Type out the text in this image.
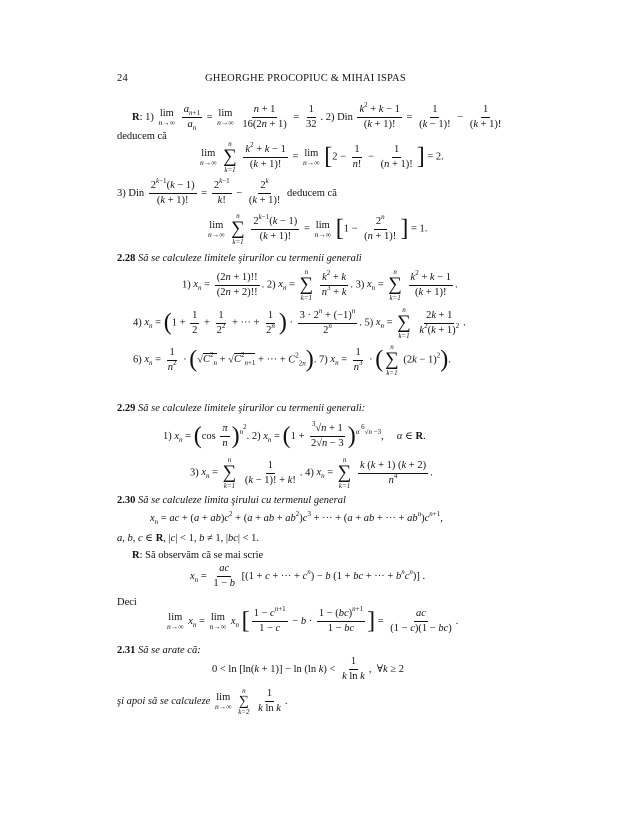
24	GHEORGHE PROCOPIUC & MIHAI ISPAS
R: 1) lim
n→∞
$\frac{a_{n+1}}{a_n} = \lim$
n→∞
$\frac{n + 1}{16(2n + 1)} = \frac{1}{32}$ . 2) Din $\frac{k^2 + k - 1}{(k + 1)!} = \frac{1}{(k - 1)!} - \frac{1}{(k + 1)!}$
deducem că
lim
n→∞

n
∑
k=1
$\frac{k^2 + k - 1}{(k + 1)!} = \lim$
n→∞ [$2 - \frac{1}{n!} - \frac{1}{(n + 1)!}$ ] = 2.
3) Din $\frac{2^{k-1}(k - 1)}{(k + 1)!} = \frac{2^{k-1}}{k!} - \frac{2^k}{(k + 1)!}$ deducem că
lim
n→∞

n
∑
k=1
$\frac{2^{k-1}(k - 1)}{(k + 1)!} = \lim$
n→∞ [$1 - \frac{2^n}{(n + 1)!}$ ] = 1.
2.28 Să se calculeze limitele şirurilor cu termenii generali
1) $x_n = \frac{(2n + 1)!!}{(2n + 2)!!}$ . 2) $x_n$ =
n
∑
k=1
$\frac{k^2 + k}{n^3 + k}$ . 3) $x_n$ =
n
∑
k=1
$\frac{k^2 + k - 1}{(k + 1)!}$ .
4) $x_n = (1 + \frac{1}{2} + \frac{1}{2^2}$ + ··· + $\frac{1}{2^n}$ ) · $\frac{3 \cdot 2^n + (-1)^n}{2^n}$ . 5) $x_n$ =
n
∑
k=1
$\frac{2k + 1}{k^2(k + 1)^2}$ .
6) $x_n = \frac{1}{n^2} \cdot (√C^2_n + √C^2_{n+1}$ + ··· + $C^2_{2n}$). 7) $x_n = \frac{1}{n^3}$ · ( n
∑
k=1
$(2k - 1)^2$).
2.29 Să se calculeze limitele şirurilor cu termenii generali:
1) $x_n = (\cos \frac{\pi}{n} )^{n^2}$. 2) $x_n = (1 + \frac{^3√n + 1}{2√n - 3} )^{\alpha ^6√n -3}$,     α ∈ R.
3) $x_n$ =
n
∑
k=1
$\frac{1}{(k - 1)! + k!}$ . 4) $x_n$ =
n
∑
k=1
$\frac{k (k + 1) (k + 2)}{n^4}$ .
2.30 Să se calculeze limita şirului cu termenul general
$x_n$ = ac + $(a + ab)c^2 + (a$ + ab + $ab^2)c^3$ + ··· + (a + ab + ··· + $ab^n)c^{n+1}$,
a, b, c ∈ R, |c| < 1, b ≠ 1, |bc| < 1.
R: Să observăm că se mai scrie
$x_n = \frac{ac}{1 - b} [(1 + c$ + ··· + $c^n) - b$ (1 + bc + ··· + $b^nc^n$)] .
Deci
lim
n→∞ $x_n = \lim$
n→∞ $x_n$ [ $\frac{1 - c^{n+1}}{1 - c} - b \cdot \frac{1 - (bc)^{n+1}}{1 - bc}$ ] = $\frac{ac}{(1 - c)(1 - bc)}$ .
2.31 Să se arate că:
0 < ln [ln(k + 1)] − ln (ln $k) < \frac{1}{\text{k ln k}}$ ,  ∀k ≥ 2
şi apoi să se calculeze lim
n→∞

n
∑
k=2
$\frac{1}{\text{k ln k}}$ .
